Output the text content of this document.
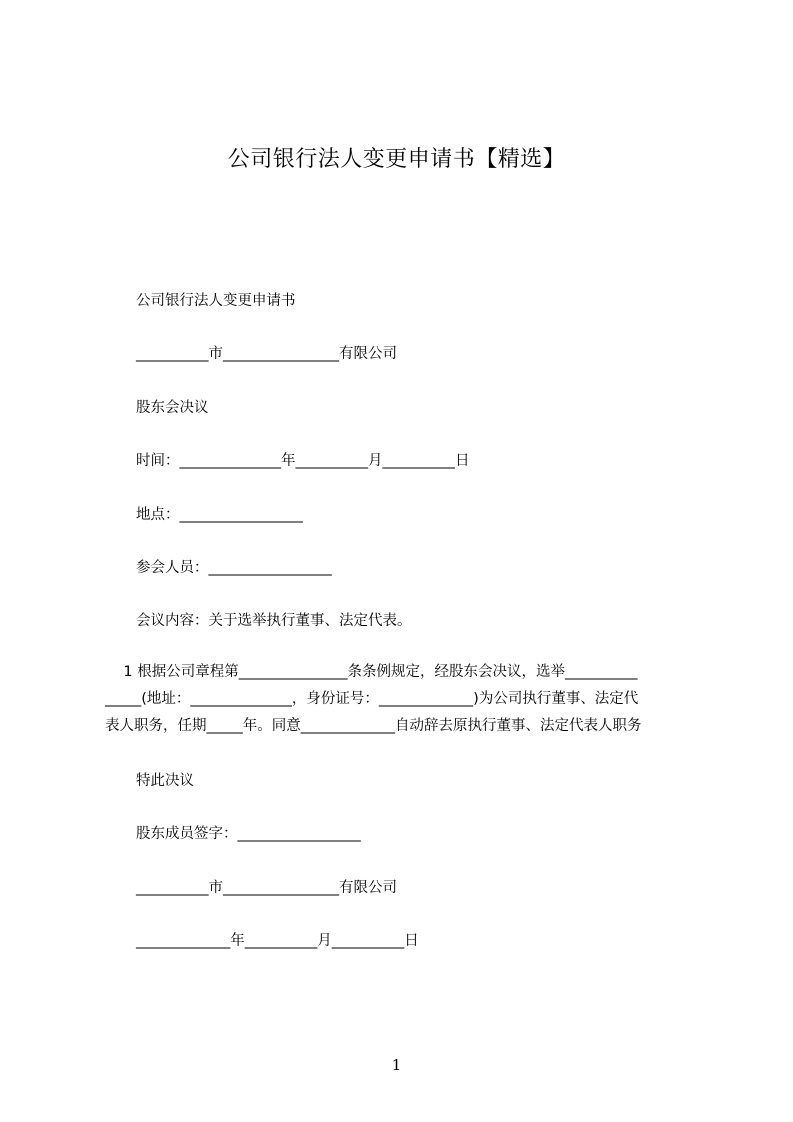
公司银行法人变更申请书【精选】
公司银行法人变更申请书
__________市________________有限公司
股东会决议
时间：______________年__________月__________日
地点：_________________
参会人员：_________________
会议内容：关于选举执行董事、法定代表。

1 根据公司章程第_______________条条例规定，经股东会决议，选举__________

_____(地址：______________，身份证号：_____________)为公司执行董事、法定代

表人职务，任期_____年。同意_____________自动辞去原执行董事、法定代表人职务

特此决议
股东成员签字：_________________
__________市________________有限公司
_____________年__________月__________日
1
